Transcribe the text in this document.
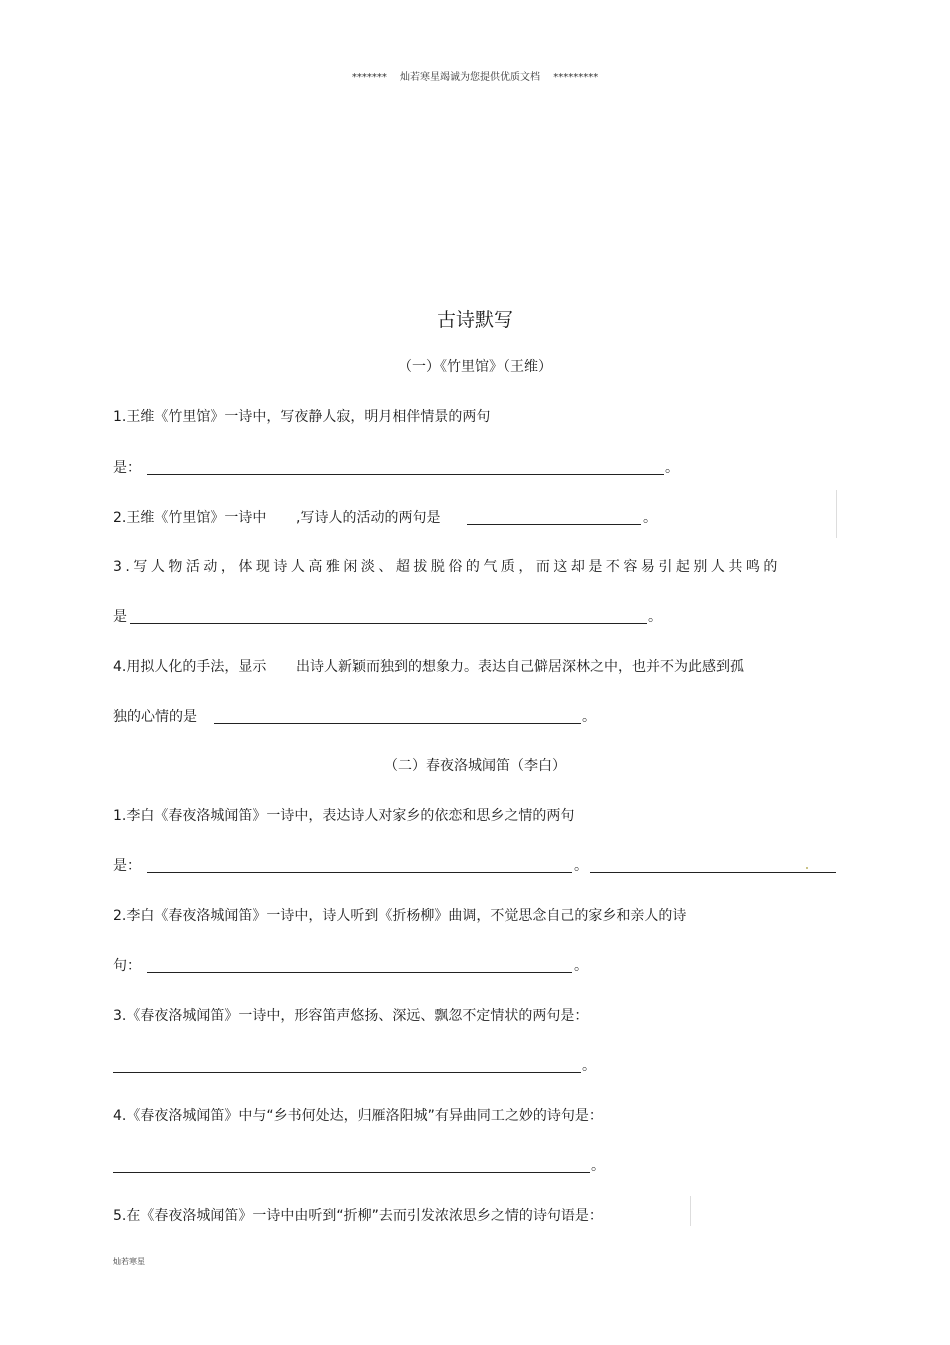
******* 灿若寒星竭诚为您提供优质文档 *********
古诗默写
（一）《竹里馆》（王维）
1.王维《竹里馆》一诗中，写夜静人寂，明月相伴情景的两句
是：	。
2.王维《竹里馆》一诗中 ,写诗人的活动的两句是	。
3.写人物活动，体现诗人高雅闲淡、超拔脱俗的气质，而这却是不容易引起别人共鸣的
是	。
4.用拟人化的手法，显示 出诗人新颖而独到的想象力。表达自己僻居深林之中，也并不为此感到孤
独的心情的是	。
（二）春夜洛城闻笛（李白）
1.李白《春夜洛城闻笛》一诗中，表达诗人对家乡的依恋和思乡之情的两句
是：	。
2.李白《春夜洛城闻笛》一诗中，诗人听到《折杨柳》曲调，不觉思念自己的家乡和亲人的诗
句：	。
3.《春夜洛城闻笛》一诗中，形容笛声悠扬、深远、飘忽不定情状的两句是：
。
4.《春夜洛城闻笛》中与“乡书何处达，归雁洛阳城”有异曲同工之妙的诗句是：
。
5.在《春夜洛城闻笛》一诗中由听到“折柳”去而引发浓浓思乡之情的诗句语是：
灿若寒星
